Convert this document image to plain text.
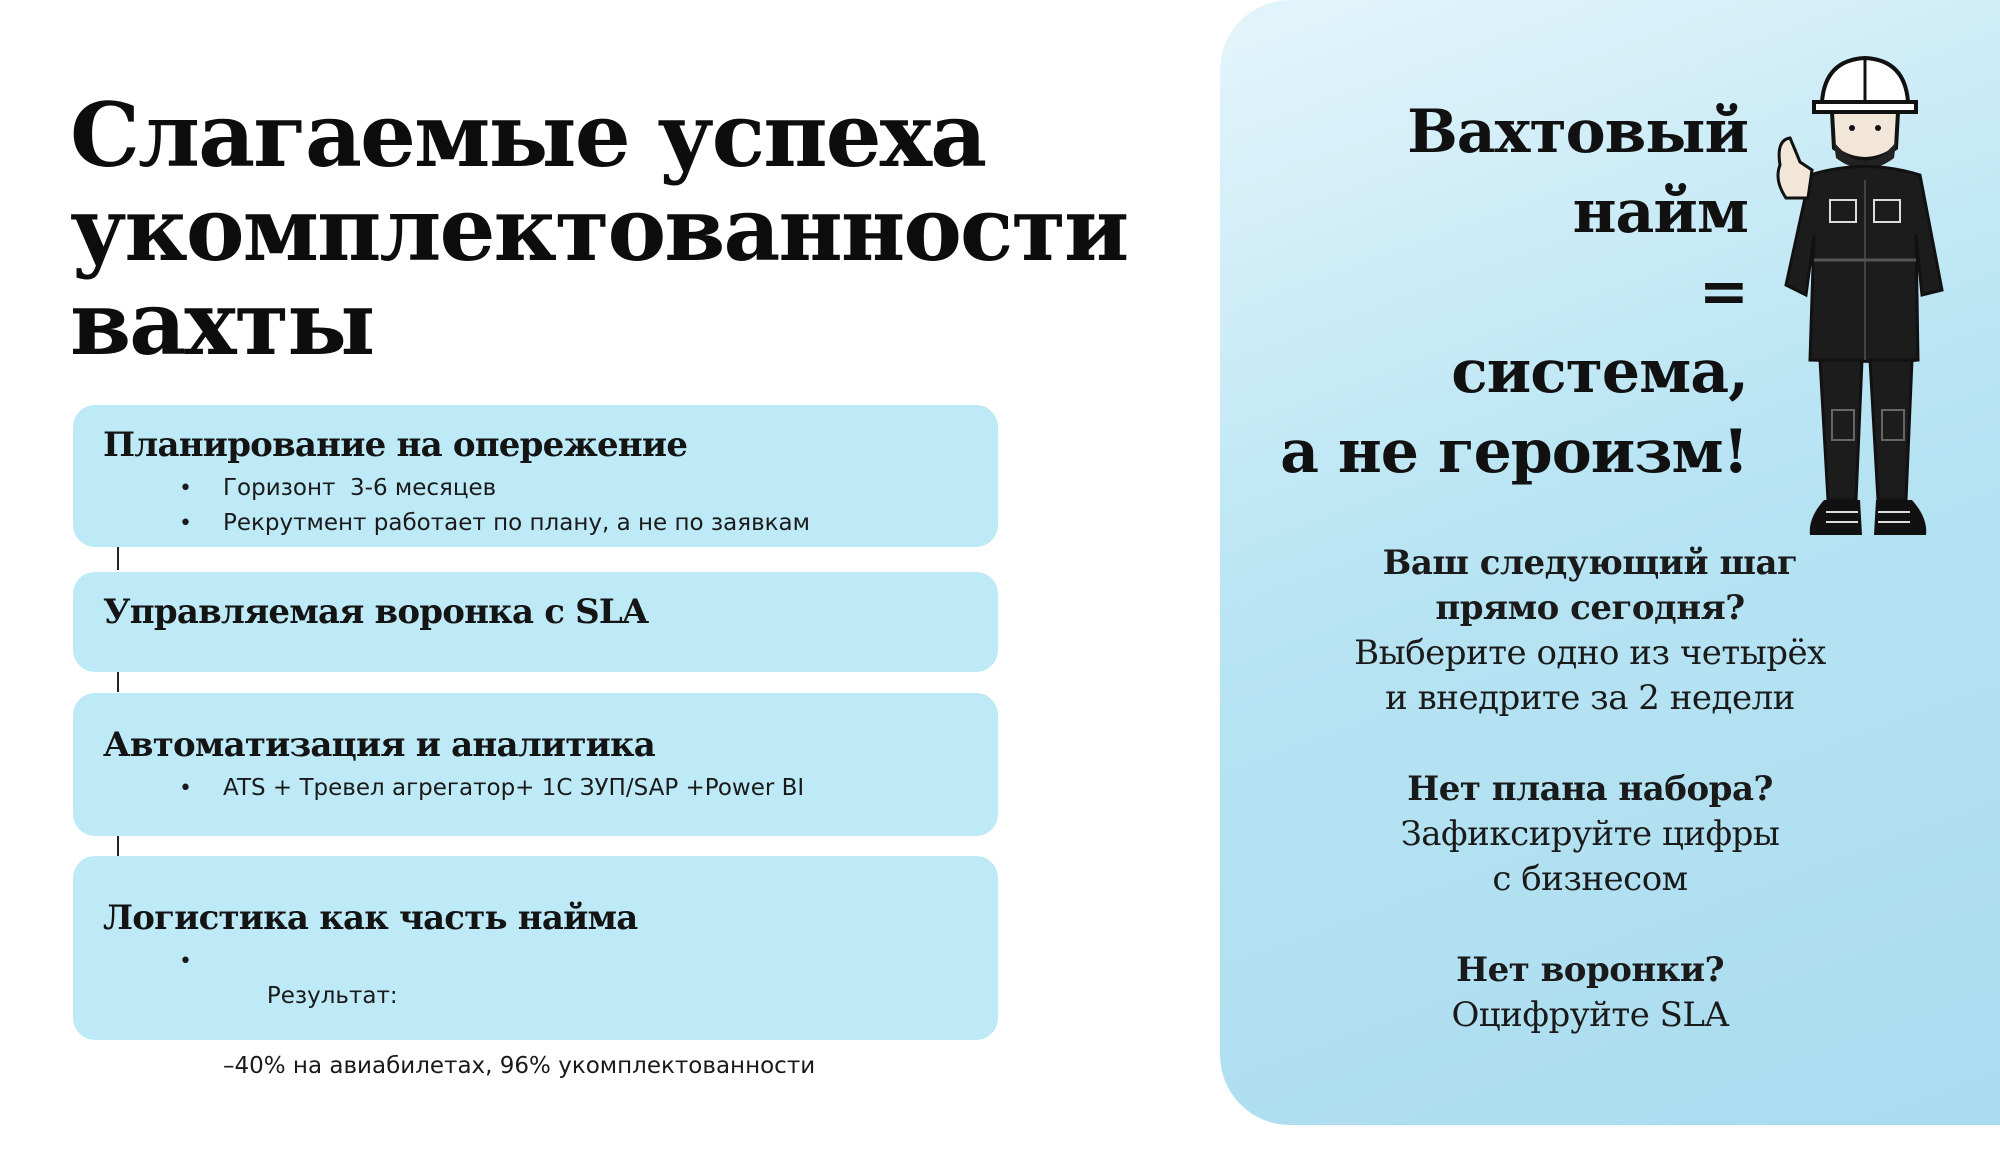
Слагаемые успеха
укомплектованности
вахты

Планирование на опережение

• Горизонт  3-6 месяцев
• Рекрутмент работает по плану, а не по заявкам

Управляемая воронка с SLA

Автоматизация и аналитика

• ATS + Тревел агрегатор+ 1С ЗУП/SAP +Power BI

Логистика как часть найма

• Результат:

–40% на авиабилетах, 96% укомплектованности

Вахтовый
найм
=
система,
а не героизм!
Ваш следующий шаг
прямо сегодня?
Выберите одно из четырёх
и внедрите за 2 недели
Нет плана набора?
Зафиксируйте цифры
с бизнесом
Нет воронки?
Оцифруйте SLA
